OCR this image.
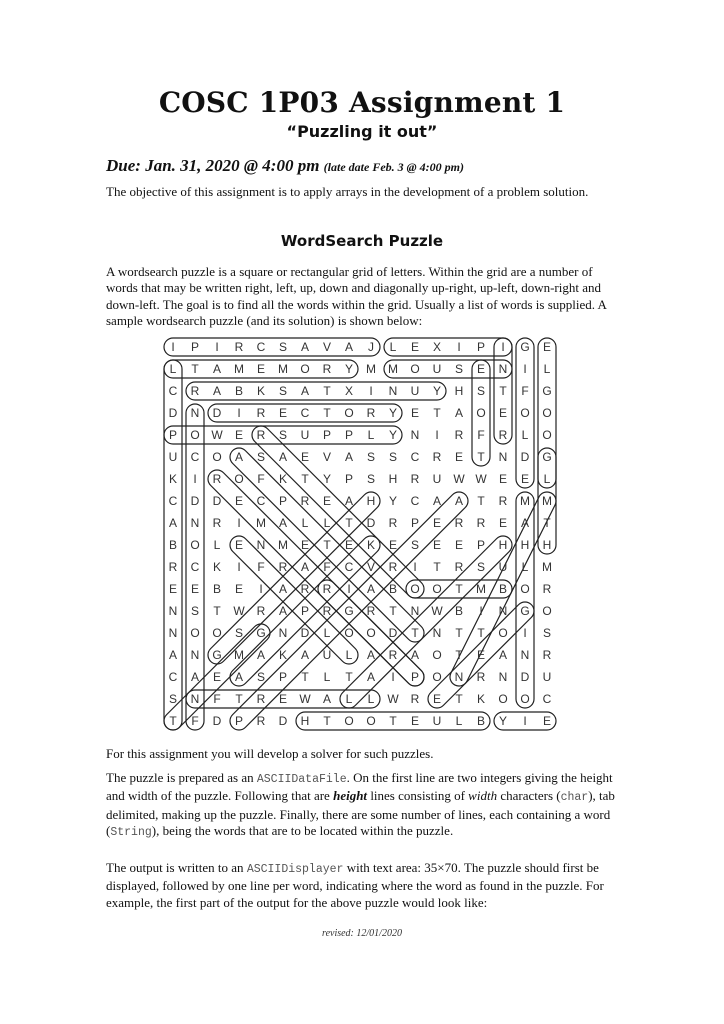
COSC 1P03 Assignment 1
“Puzzling it out”
Due: Jan. 31, 2020 @ 4:00 pm (late date Feb. 3 @ 4:00 pm)

The objective of this assignment is to apply arrays in the development of a problem solution.

WordSearch Puzzle

A wordsearch puzzle is a square or rectangular grid of letters. Within the grid are a number of words that may be written right, left, up, down and diagonally up-right, up-left, down-right and down-left. The goal is to find all the words within the grid. Usually a list of words is supplied. A sample wordsearch puzzle (and its solution) is shown below:

I P I R C S A V A J L E X I P I G E
L T A M E M O R Y M M O U S E N I L
C R A B K S A T X I N U Y H S T F G
D N D I R E C T O R Y E T A O E O O
P O W E R S U P P L Y N I R F R L O
U C O A S A E V A S S C R E T N D G
K I R O F K T Y P S H R U W W E E L
C D D E C P R E A H Y C A A T R M M
A N R I M A L L T D R P E R R E A T
B O L E N M E T E K E S E E P H H H
R C K I F R A F C V R I T R S U L M
E E B E I A R R I A B O O T M B O R
N S T W R A P R G R T N W B I N G O
N O O S G N D L O O D T N T T O I S
A N G M A K A U L A R A O T E A N R
C A E A S P T L T A I P O N R N D U
S N F T R E W A L L W R E T K O O C
T F D P R D H T O O T E U L B Y I E

For this assignment you will develop a solver for such puzzles.

The puzzle is prepared as an ASCIIDataFile. On the first line are two integers giving the height and width of the puzzle. Following that are height lines consisting of width characters (char), tab delimited, making up the puzzle. Finally, there are some number of lines, each containing a word (String), being the words that are to be located within the puzzle.

The output is written to an ASCIIDisplayer with text area: 35×70. The puzzle should first be displayed, followed by one line per word, indicating where the word as found in the puzzle. For example, the first part of the output for the above puzzle would look like:

revised: 12/01/2020
